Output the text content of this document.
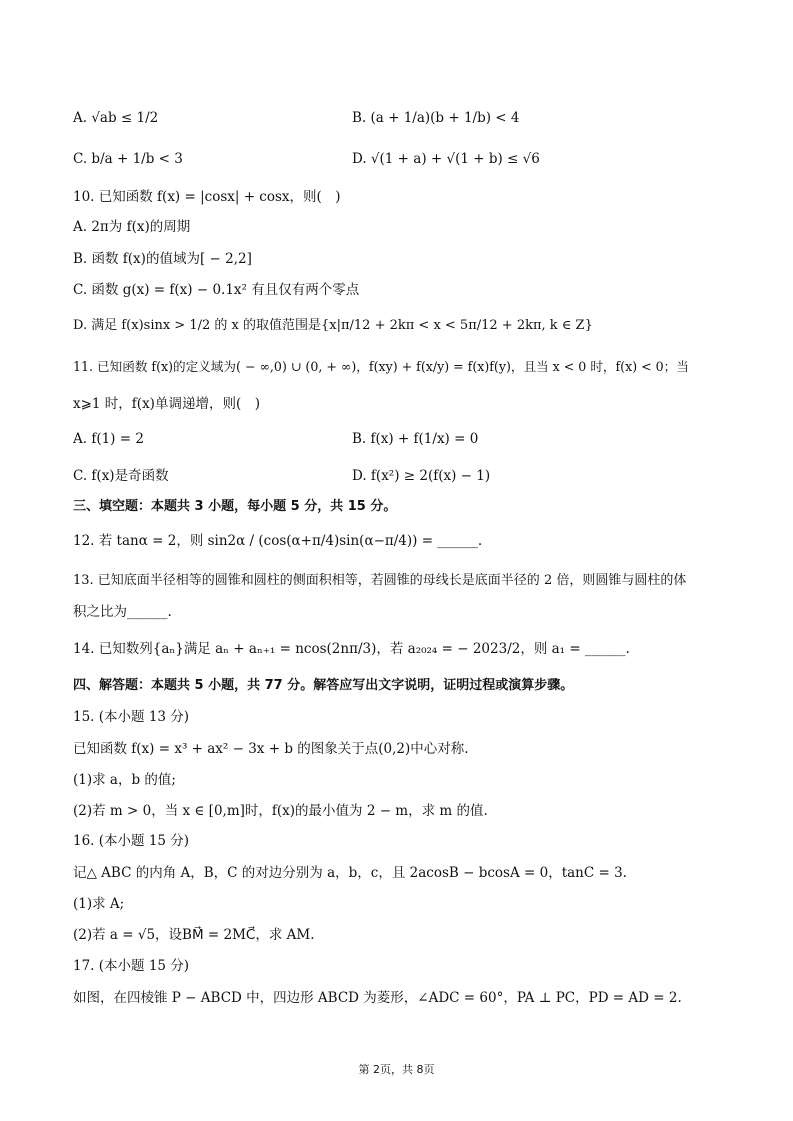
A. √ab ≤ 1/2	B. (a + 1/a)(b + 1/b) < 4
C. b/a + 1/b < 3	D. √(1 + a) + √(1 + b) ≤ √6
10. 已知函数 f(x) = |cosx| + cosx，则(　)
A. 2π为 f(x)的周期
B. 函数 f(x)的值域为[ − 2,2]
C. 函数 g(x) = f(x) − 0.1x² 有且仅有两个零点
D. 满足 f(x)sinx > 1/2 的 x 的取值范围是{x|π/12 + 2kπ < x < 5π/12 + 2kπ, k ∈ Z}
11. 已知函数 f(x)的定义域为( − ∞,0) ∪ (0, + ∞)，f(xy) + f(x/y) = f(x)f(y)，且当 x < 0 时，f(x) < 0；当
x⩾1 时，f(x)单调递增，则(　)
A. f(1) = 2	B. f(x) + f(1/x) = 0
C. f(x)是奇函数	D. f(x²) ≥ 2(f(x) − 1)
三、填空题：本题共 3 小题，每小题 5 分，共 15 分。
12. 若 tanα = 2，则 sin2α / (cos(α+π/4)sin(α−π/4)) = ______.
13. 已知底面半径相等的圆锥和圆柱的侧面积相等，若圆锥的母线长是底面半径的 2 倍，则圆锥与圆柱的体
积之比为______.
14. 已知数列{aₙ}满足 aₙ + aₙ₊₁ = ncos(2nπ/3)，若 a₂₀₂₄ = − 2023/2，则 a₁ = ______.
四、解答题：本题共 5 小题，共 77 分。解答应写出文字说明，证明过程或演算步骤。
15. (本小题 13 分)
已知函数 f(x) = x³ + ax² − 3x + b 的图象关于点(0,2)中心对称.
(1)求 a，b 的值;
(2)若 m > 0，当 x ∈ [0,m]时，f(x)的最小值为 2 − m，求 m 的值.
16. (本小题 15 分)
记△ ABC 的内角 A，B，C 的对边分别为 a，b，c，且 2acosB − bcosA = 0，tanC = 3.
(1)求 A;
(2)若 a = √5，设BM⃗ = 2MC⃗，求 AM.
17. (本小题 15 分)
如图，在四棱锥 P − ABCD 中，四边形 ABCD 为菱形，∠ADC = 60°，PA ⊥ PC，PD = AD = 2.
第 2页，共 8页
